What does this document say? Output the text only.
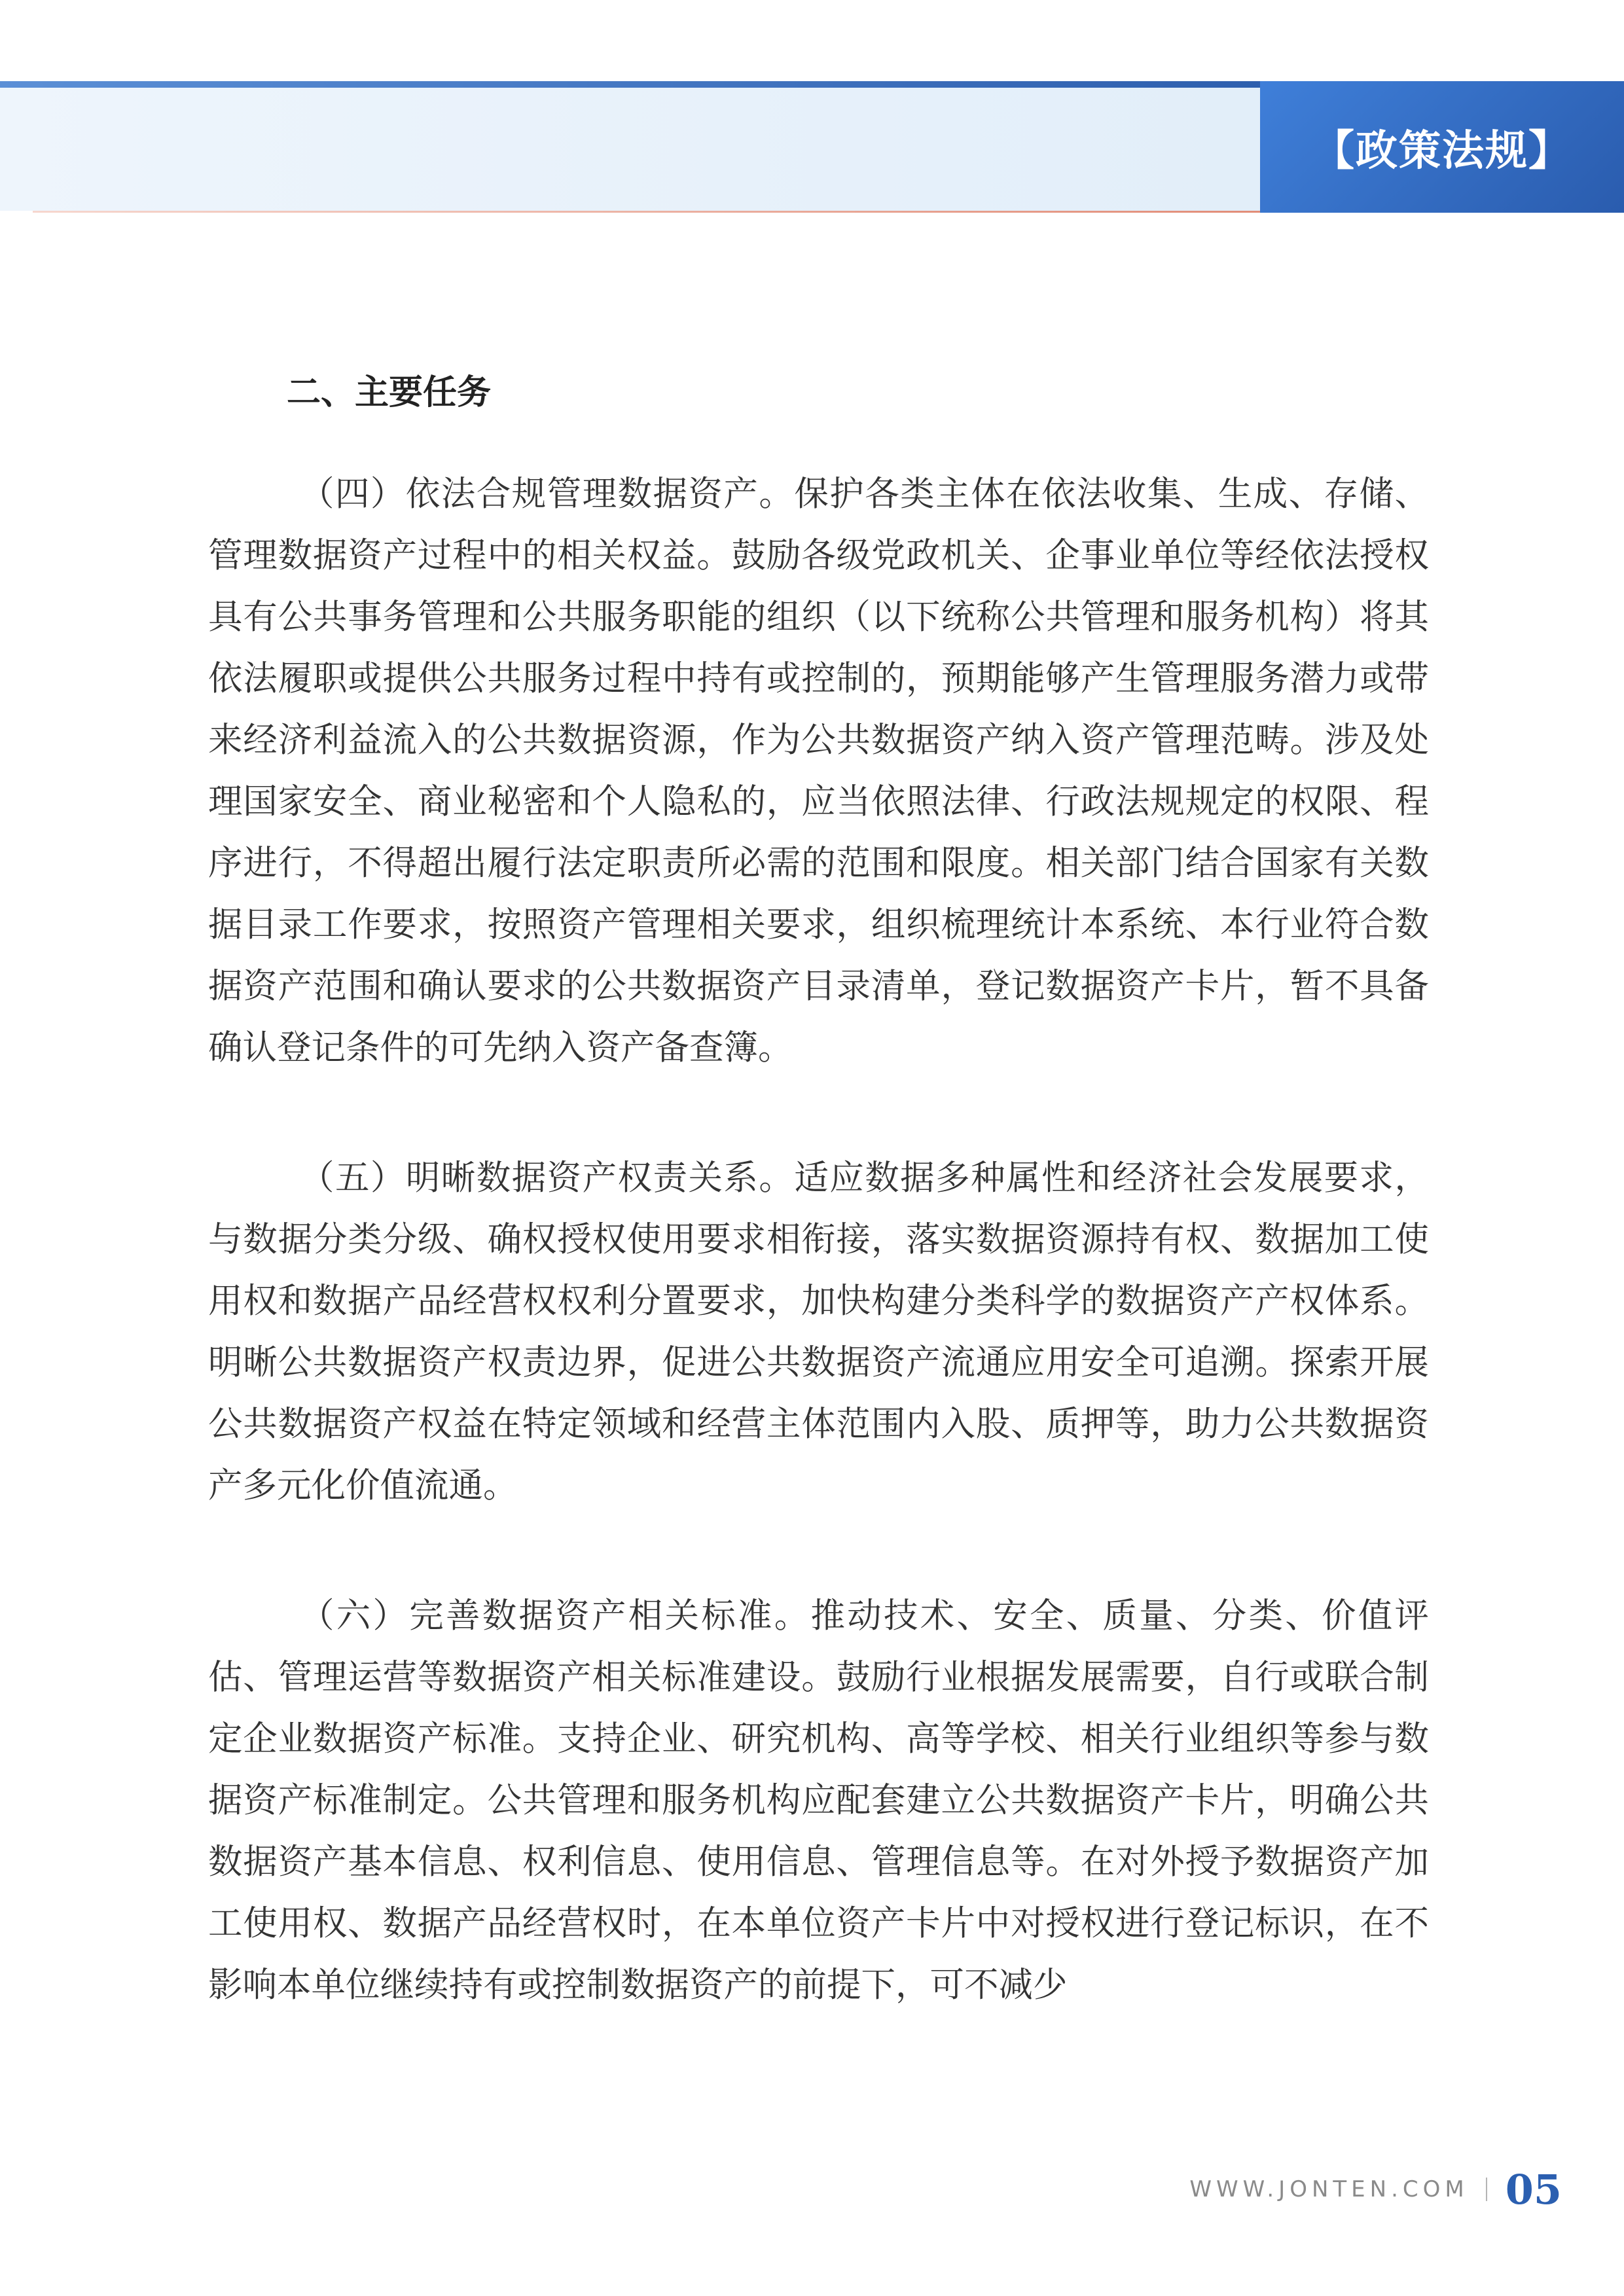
【政策法规】
二、主要任务

（四）依法合规管理数据资产。保护各类主体在依法收集、生成、存储、管理数据资产过程中的相关权益。鼓励各级党政机关、企事业单位等经依法授权具有公共事务管理和公共服务职能的组织（以下统称公共管理和服务机构）将其依法履职或提供公共服务过程中持有或控制的，预期能够产生管理服务潜力或带来经济利益流入的公共数据资源，作为公共数据资产纳入资产管理范畴。涉及处理国家安全、商业秘密和个人隐私的，应当依照法律、行政法规规定的权限、程序进行，不得超出履行法定职责所必需的范围和限度。相关部门结合国家有关数据目录工作要求，按照资产管理相关要求，组织梳理统计本系统、本行业符合数据资产范围和确认要求的公共数据资产目录清单，登记数据资产卡片，暂不具备确认登记条件的可先纳入资产备查簿。

（五）明晰数据资产权责关系。适应数据多种属性和经济社会发展要求，与数据分类分级、确权授权使用要求相衔接，落实数据资源持有权、数据加工使用权和数据产品经营权权利分置要求，加快构建分类科学的数据资产产权体系。明晰公共数据资产权责边界，促进公共数据资产流通应用安全可追溯。探索开展公共数据资产权益在特定领域和经营主体范围内入股、质押等，助力公共数据资产多元化价值流通。

（六）完善数据资产相关标准。推动技术、安全、质量、分类、价值评估、管理运营等数据资产相关标准建设。鼓励行业根据发展需要，自行或联合制定企业数据资产标准。支持企业、研究机构、高等学校、相关行业组织等参与数据资产标准制定。公共管理和服务机构应配套建立公共数据资产卡片，明确公共数据资产基本信息、权利信息、使用信息、管理信息等。在对外授予数据资产加工使用权、数据产品经营权时，在本单位资产卡片中对授权进行登记标识，在不影响本单位继续持有或控制数据资产的前提下，可不减少

WWW.JONTEN.COM 05
